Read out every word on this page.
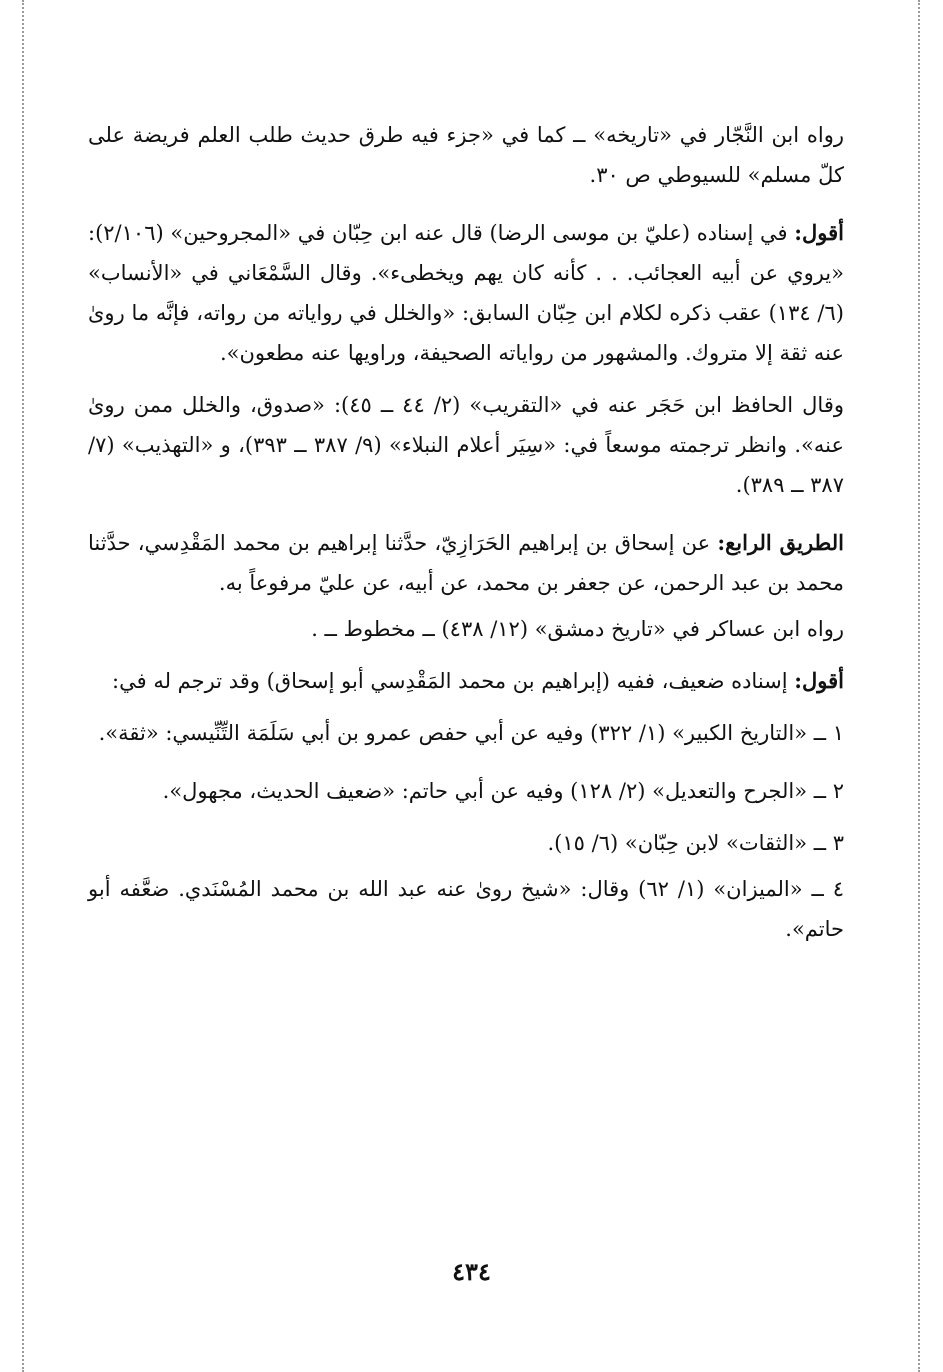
رواه ابن النَّجّار في «تاريخه» ــ كما في «جزء فيه طرق حديث طلب العلم فريضة على كلّ مسلم» للسيوطي ص ٣٠.

أقول: في إسناده (عليّ بن موسى الرضا) قال عنه ابن حِبّان في «المجروحين» (٢/١٠٦): «يروي عن أبيه العجائب. . . كأنه كان يهم ويخطىء». وقال السَّمْعَاني في «الأنساب» (٦/ ١٣٤) عقب ذكره لكلام ابن حِبّان السابق: «والخلل في رواياته من رواته، فإنَّه ما روىٰ عنه ثقة إلا متروك. والمشهور من رواياته الصحيفة، وراويها عنه مطعون».

وقال الحافظ ابن حَجَر عنه في «التقريب» (٢/ ٤٤ ــ ٤٥): «صدوق، والخلل ممن روىٰ عنه». وانظر ترجمته موسعاً في: «سِيَر أعلام النبلاء» (٩/ ٣٨٧ ــ ٣٩٣)، و «التهذيب» (٧/ ٣٨٧ ــ ٣٨٩).

الطريق الرابع: عن إسحاق بن إبراهيم الحَرَازِيّ، حدَّثنا إبراهيم بن محمد المَقْدِسي، حدَّثنا محمد بن عبد الرحمن، عن جعفر بن محمد، عن أبيه، عن عليّ مرفوعاً به.

رواه ابن عساكر في «تاريخ دمشق» (١٢/ ٤٣٨) ــ مخطوط ــ .

أقول: إسناده ضعيف، ففيه (إبراهيم بن محمد المَقْدِسي أبو إسحاق) وقد ترجم له في:

١ ــ «التاريخ الكبير» (١/ ٣٢٢) وفيه عن أبي حفص عمرو بن أبي سَلَمَة التِّنِّيسي: «ثقة».

٢ ــ «الجرح والتعديل» (٢/ ١٢٨) وفيه عن أبي حاتم: «ضعيف الحديث، مجهول».

٣ ــ «الثقات» لابن حِبّان» (٦/ ١٥).

٤ ــ «الميزان» (١/ ٦٢) وقال: «شيخ روىٰ عنه عبد الله بن محمد المُسْنَدي. ضعَّفه أبو حاتم».

٤٣٤
